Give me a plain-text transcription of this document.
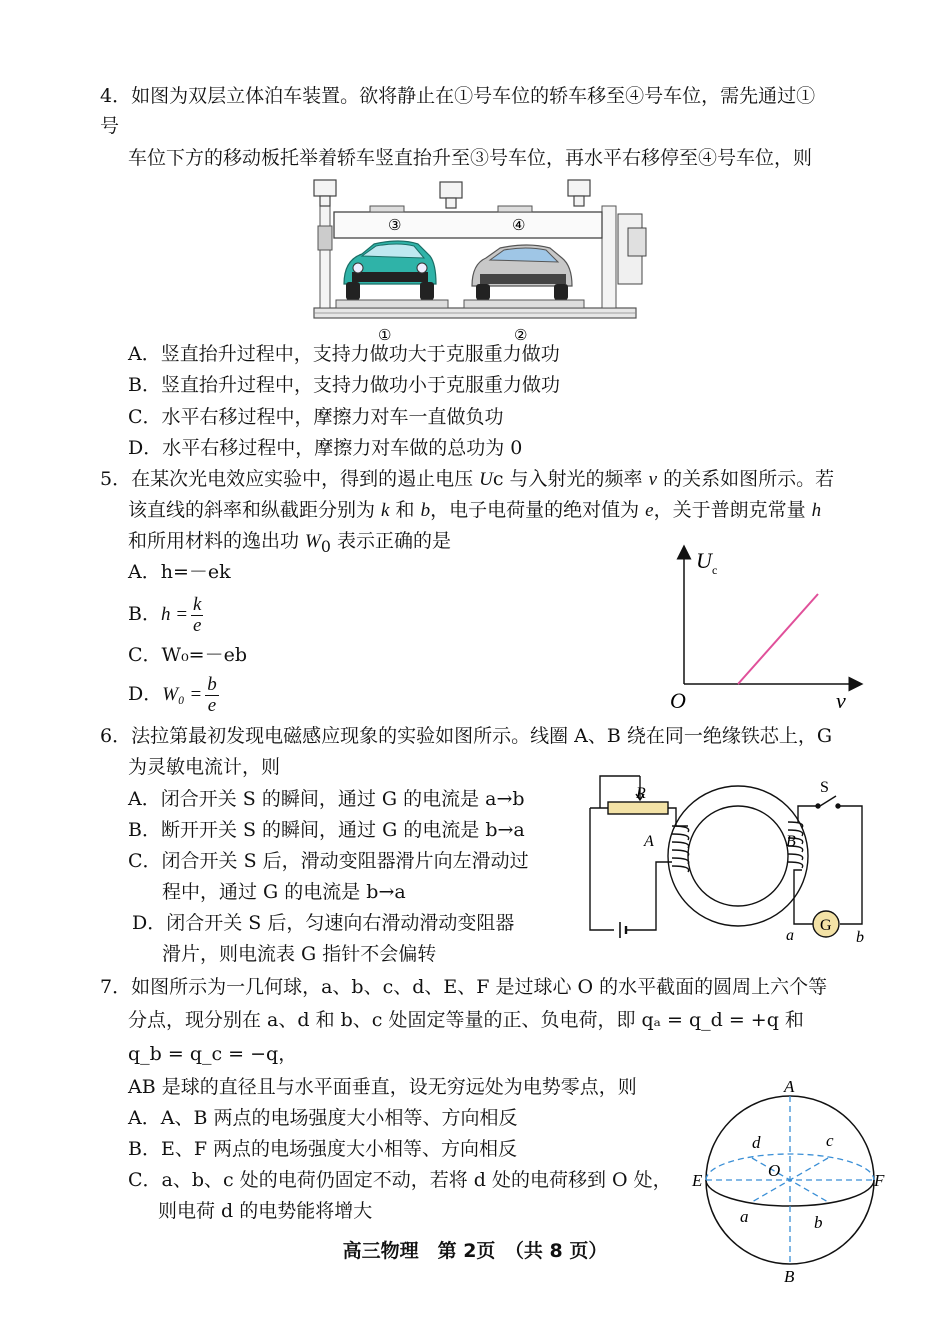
4．如图为双层立体泊车装置。欲将静止在①号车位的轿车移至④号车位，需先通过①
号
车位下方的移动板托举着轿车竖直抬升至③号车位，再水平右移停至④号车位，则
③	④
①	②
A．竖直抬升过程中，支持力做功大于克服重力做功
B．竖直抬升过程中，支持力做功小于克服重力做功
C．水平右移过程中，摩擦力对车一直做负功
D．水平右移过程中，摩擦力对车做的总功为 0
5．在某次光电效应实验中，得到的遏止电压 Uc 与入射光的频率 ν 的关系如图所示。若
该直线的斜率和纵截距分别为 k 和 b，电子电荷量的绝对值为 e，关于普朗克常量 h
和所用材料的逸出功 $W_0$ 表示正确的是
A．h=－ek
B．$h = \frac{k}{e}$
C．W₀=－eb
D．$W_0 = \frac{b}{e}$
U c
ν
O
6．法拉第最初发现电磁感应现象的实验如图所示。线圈 A、B 绕在同一绝缘铁芯上，G
为灵敏电流计，则
A．闭合开关 S 的瞬间，通过 G 的电流是 a→b
B．断开开关 S 的瞬间，通过 G 的电流是 b→a
C．闭合开关 S 后，滑动变阻器滑片向左滑动过
程中，通过 G 的电流是 b→a
D．闭合开关 S 后，匀速向右滑动滑动变阻器
滑片，则电流表 G 指针不会偏转
R	S
A	B
G
a	b
7．如图所示为一几何球，a、b、c、d、E、F 是过球心 O 的水平截面的圆周上六个等
分点，现分别在 a、d 和 b、c 处固定等量的正、负电荷，即 qₐ = q_d = +q 和
q_b = q_c = −q，
AB 是球的直径且与水平面垂直，设无穷远处为电势零点，则
A．A、B 两点的电场强度大小相等、方向相反
B．E、F 两点的电场强度大小相等、方向相反
C．a、b、c 处的电荷仍固定不动，若将 d 处的电荷移到 O 处，
则电荷 d 的电势能将增大
A
B
c
d
O
E	F
a	b
高三物理　第 2页　（共 8 页）
